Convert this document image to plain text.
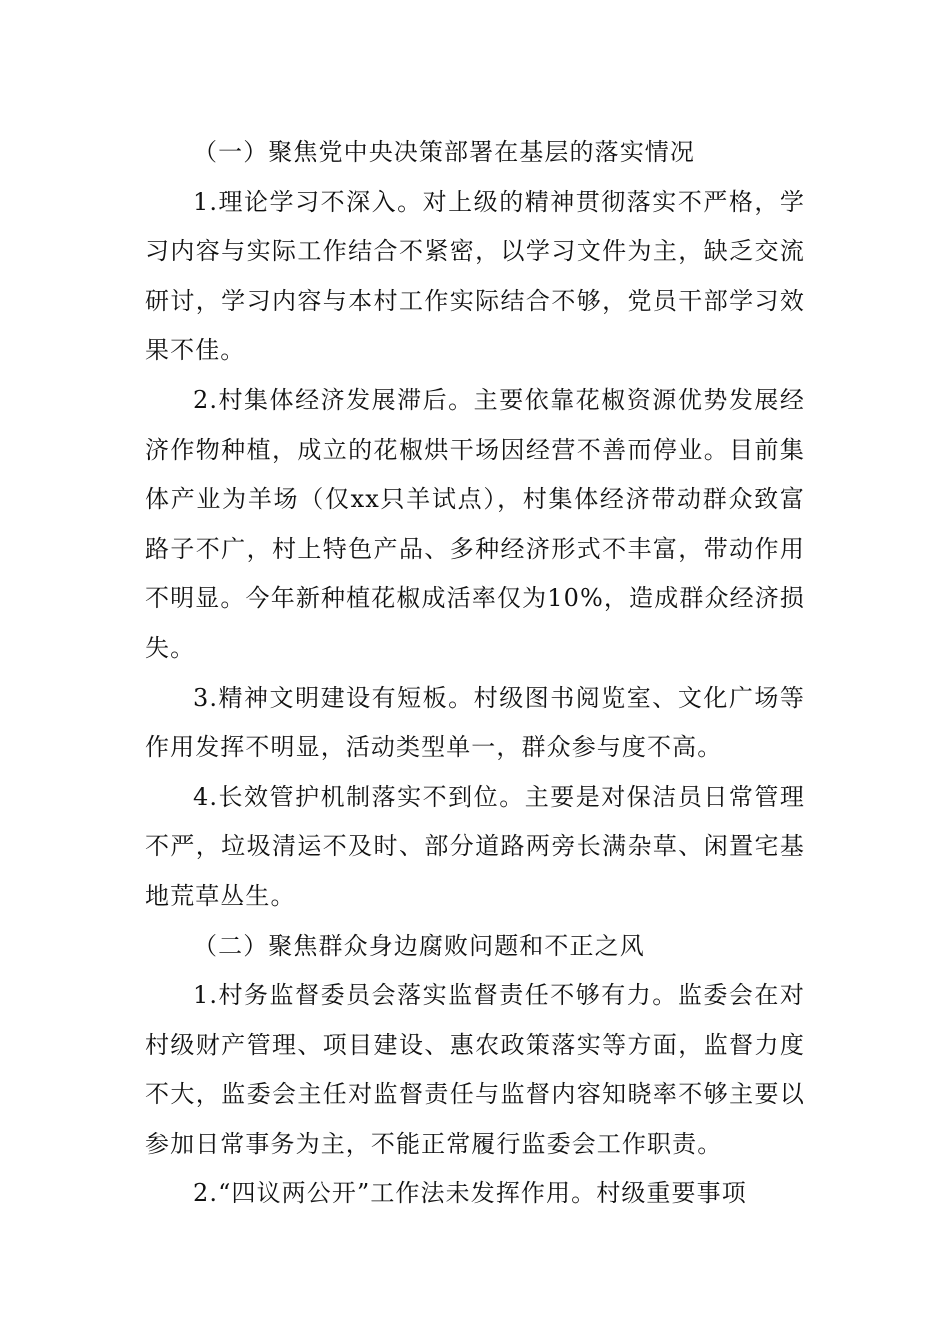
（一）聚焦党中央决策部署在基层的落实情况

1.理论学习不深入。对上级的精神贯彻落实不严格，学习内容与实际工作结合不紧密，以学习文件为主，缺乏交流研讨，学习内容与本村工作实际结合不够，党员干部学习效果不佳。

2.村集体经济发展滞后。主要依靠花椒资源优势发展经济作物种植，成立的花椒烘干场因经营不善而停业。目前集体产业为羊场（仅xx只羊试点），村集体经济带动群众致富路子不广，村上特色产品、多种经济形式不丰富，带动作用不明显。今年新种植花椒成活率仅为10%，造成群众经济损失。

3.精神文明建设有短板。村级图书阅览室、文化广场等作用发挥不明显，活动类型单一，群众参与度不高。

4.长效管护机制落实不到位。主要是对保洁员日常管理不严，垃圾清运不及时、部分道路两旁长满杂草、闲置宅基地荒草丛生。

（二）聚焦群众身边腐败问题和不正之风

1.村务监督委员会落实监督责任不够有力。监委会在对村级财产管理、项目建设、惠农政策落实等方面，监督力度不大，监委会主任对监督责任与监督内容知晓率不够主要以参加日常事务为主，不能正常履行监委会工作职责。

2.“四议两公开”工作法未发挥作用。村级重要事项
